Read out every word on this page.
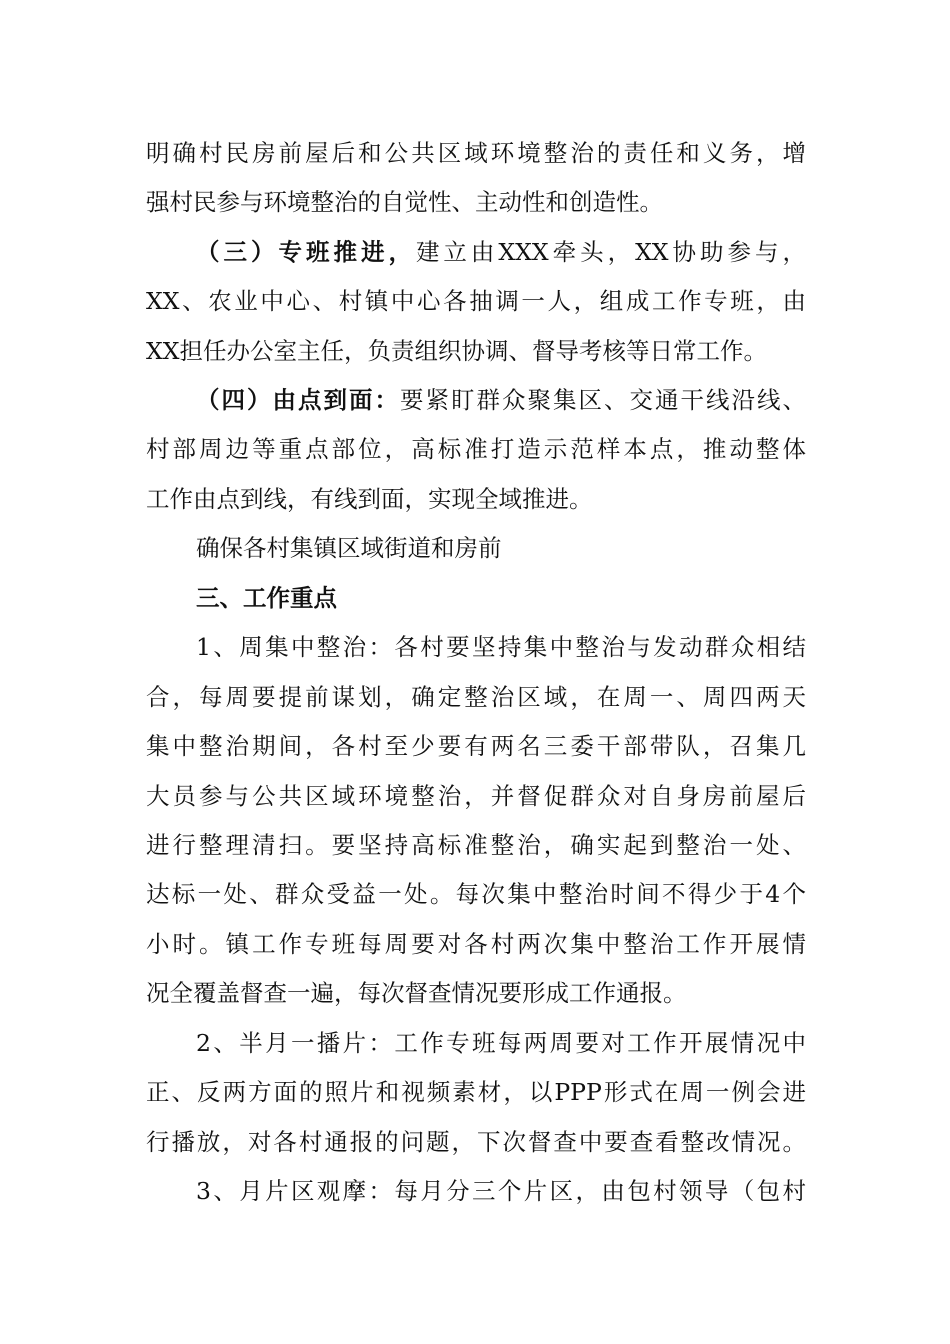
明确村民房前屋后和公共区域环境整治的责任和义务，增
强村民参与环境整治的自觉性、主动性和创造性。
（三）专班推进，建立由XXX牵头，XX协助参与，
XX、农业中心、村镇中心各抽调一人，组成工作专班，由
XX担任办公室主任，负责组织协调、督导考核等日常工作。
（四）由点到面：要紧盯群众聚集区、交通干线沿线、
村部周边等重点部位，高标准打造示范样本点，推动整体
工作由点到线，有线到面，实现全域推进。
确保各村集镇区域街道和房前
三、工作重点
1、周集中整治：各村要坚持集中整治与发动群众相结
合，每周要提前谋划，确定整治区域，在周一、周四两天
集中整治期间，各村至少要有两名三委干部带队，召集几
大员参与公共区域环境整治，并督促群众对自身房前屋后
进行整理清扫。要坚持高标准整治，确实起到整治一处、
达标一处、群众受益一处。每次集中整治时间不得少于4个
小时。镇工作专班每周要对各村两次集中整治工作开展情
况全覆盖督查一遍，每次督查情况要形成工作通报。
2、半月一播片：工作专班每两周要对工作开展情况中
正、反两方面的照片和视频素材，以PPP形式在周一例会进
行播放，对各村通报的问题，下次督查中要查看整改情况。
3、月片区观摩：每月分三个片区，由包村领导（包村
